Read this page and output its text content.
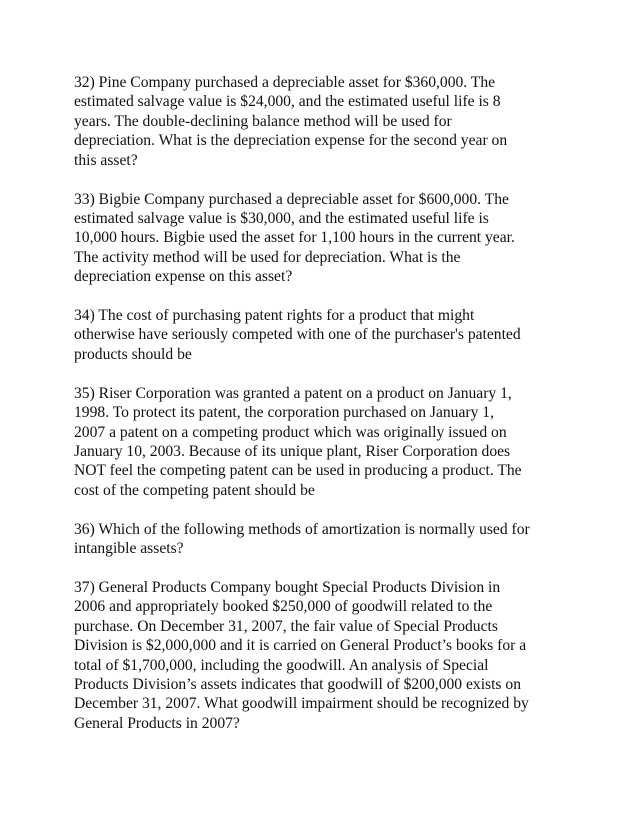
32) Pine Company purchased a depreciable asset for $360,000. The
estimated salvage value is $24,000, and the estimated useful life is 8
years. The double-declining balance method will be used for
depreciation. What is the depreciation expense for the second year on
this asset?
33) Bigbie Company purchased a depreciable asset for $600,000. The
estimated salvage value is $30,000, and the estimated useful life is
10,000 hours. Bigbie used the asset for 1,100 hours in the current year.
The activity method will be used for depreciation. What is the
depreciation expense on this asset?
34) The cost of purchasing patent rights for a product that might
otherwise have seriously competed with one of the purchaser's patented
products should be
35) Riser Corporation was granted a patent on a product on January 1,
1998. To protect its patent, the corporation purchased on January 1,
2007 a patent on a competing product which was originally issued on
January 10, 2003. Because of its unique plant, Riser Corporation does
NOT feel the competing patent can be used in producing a product. The
cost of the competing patent should be
36) Which of the following methods of amortization is normally used for
intangible assets?
37) General Products Company bought Special Products Division in
2006 and appropriately booked $250,000 of goodwill related to the
purchase. On December 31, 2007, the fair value of Special Products
Division is $2,000,000 and it is carried on General Product’s books for a
total of $1,700,000, including the goodwill. An analysis of Special
Products Division’s assets indicates that goodwill of $200,000 exists on
December 31, 2007. What goodwill impairment should be recognized by
General Products in 2007?
